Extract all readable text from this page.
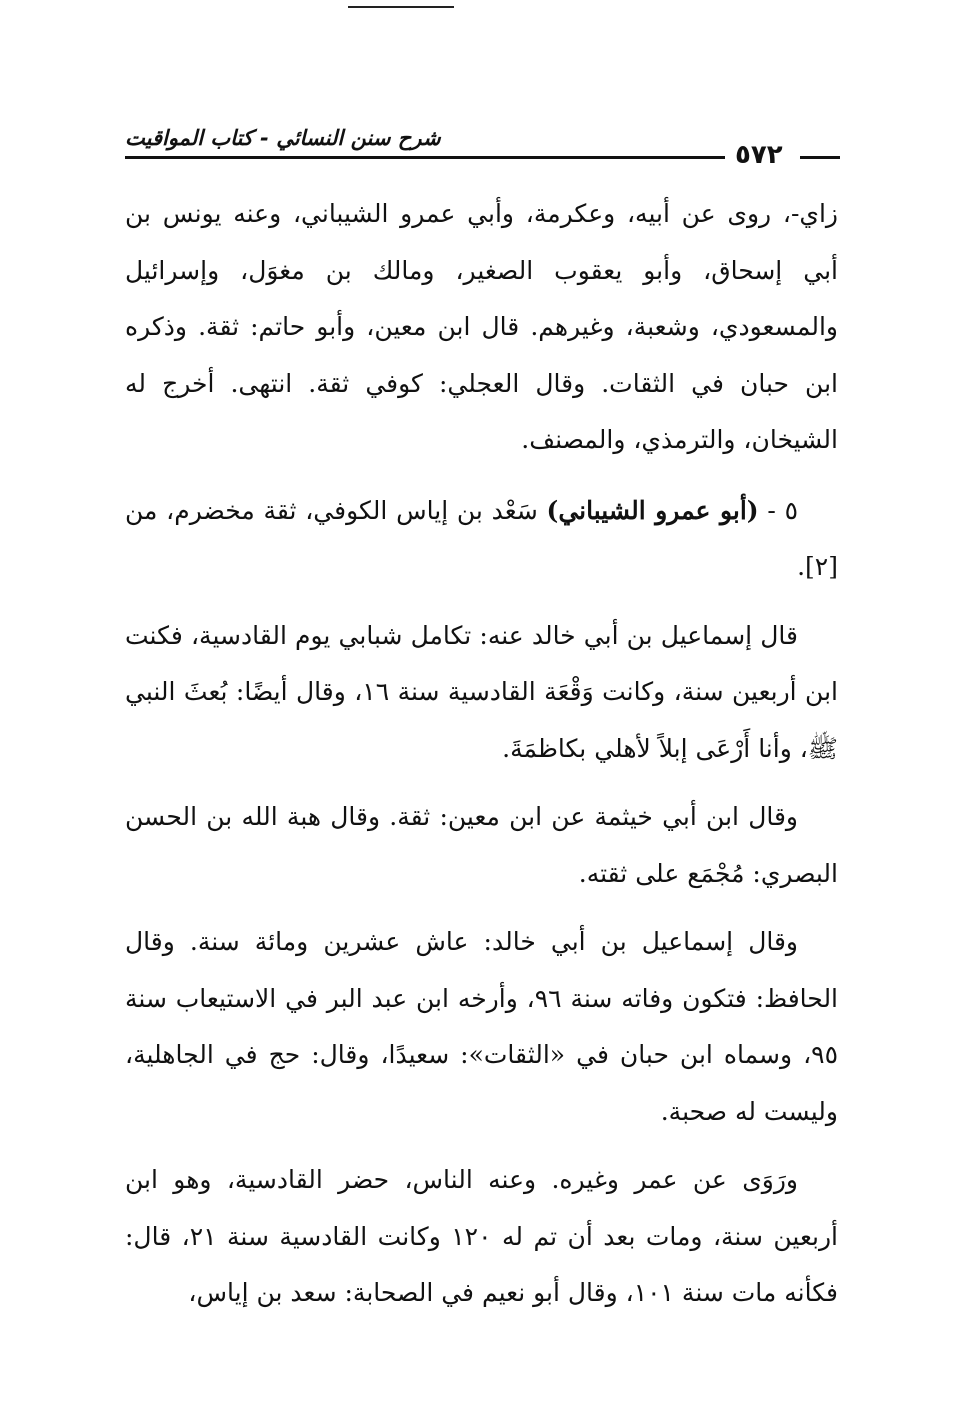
شرح سنن النسائي - كتاب المواقيت
٥٧٢

زاي-، روى عن أبيه، وعكرمة، وأبي عمرو الشيباني، وعنه يونس بن أبي إسحاق، وأبو يعقوب الصغير، ومالك بن مغوَل، وإسرائيل والمسعودي، وشعبة، وغيرهم. قال ابن معين، وأبو حاتم: ثقة. وذكره ابن حبان في الثقات. وقال العجلي: كوفي ثقة. انتهى. أخرج له الشيخان، والترمذي، والمصنف.

٥ - (أبو عمرو الشيباني) سَعْد بن إياس الكوفي، ثقة مخضرم، من [٢].

قال إسماعيل بن أبي خالد عنه: تكامل شبابي يوم القادسية، فكنت ابن أربعين سنة، وكانت وَقْعَة القادسية سنة ١٦، وقال أيضًا: بُعثَ النبي ﷺ، وأنا أَرْعَى إبلاً لأهلي بكاظمَةَ.

وقال ابن أبي خيثمة عن ابن معين: ثقة. وقال هبة الله بن الحسن البصري: مُجْمَع على ثقته.

وقال إسماعيل بن أبي خالد: عاش عشرين ومائة سنة. وقال الحافظ: فتكون وفاته سنة ٩٦، وأرخه ابن عبد البر في الاستيعاب سنة ٩٥، وسماه ابن حبان في «الثقات»: سعيدًا، وقال: حج في الجاهلية، وليست له صحبة.

ورَوَى عن عمر وغيره. وعنه الناس، حضر القادسية، وهو ابن أربعين سنة، ومات بعد أن تم له ١٢٠ وكانت القادسية سنة ٢١، قال: فكأنه مات سنة ١٠١، وقال أبو نعيم في الصحابة: سعد بن إياس،
